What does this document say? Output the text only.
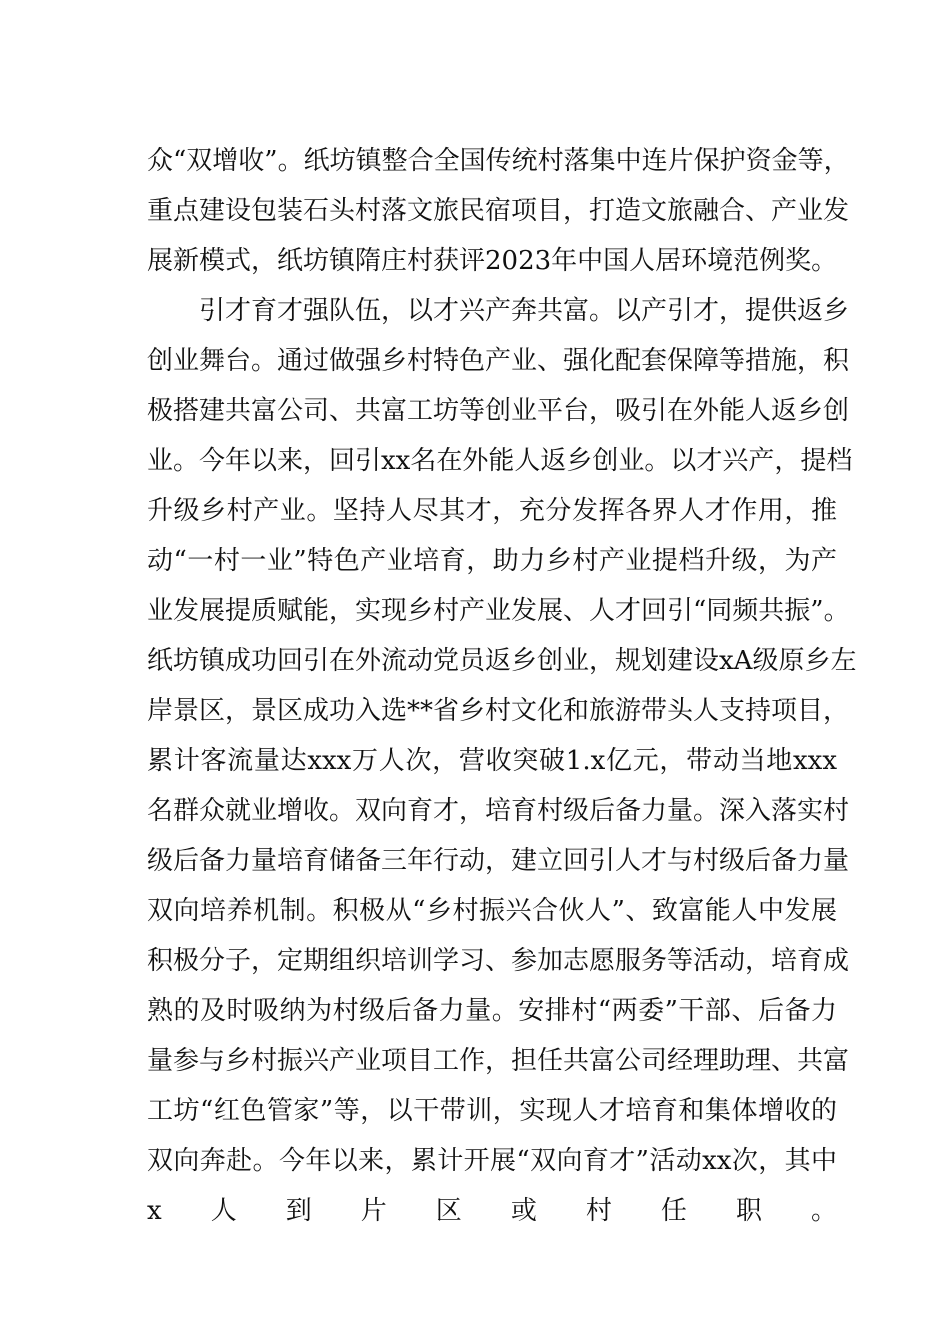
众“双增收”。纸坊镇整合全国传统村落集中连片保护资金等，
重点建设包装石头村落文旅民宿项目，打造文旅融合、产业发
展新模式，纸坊镇隋庄村获评2023年中国人居环境范例奖。
引才育才强队伍，以才兴产奔共富。以产引才，提供返乡
创业舞台。通过做强乡村特色产业、强化配套保障等措施，积
极搭建共富公司、共富工坊等创业平台，吸引在外能人返乡创
业。今年以来，回引xx名在外能人返乡创业。以才兴产，提档
升级乡村产业。坚持人尽其才，充分发挥各界人才作用，推
动“一村一业”特色产业培育，助力乡村产业提档升级，为产
业发展提质赋能，实现乡村产业发展、人才回引“同频共振”。
纸坊镇成功回引在外流动党员返乡创业，规划建设xA级原乡左
岸景区，景区成功入选**省乡村文化和旅游带头人支持项目，
累计客流量达xxx万人次，营收突破1.x亿元，带动当地xxx
名群众就业增收。双向育才，培育村级后备力量。深入落实村
级后备力量培育储备三年行动，建立回引人才与村级后备力量
双向培养机制。积极从“乡村振兴合伙人”、致富能人中发展
积极分子，定期组织培训学习、参加志愿服务等活动，培育成
熟的及时吸纳为村级后备力量。安排村“两委”干部、后备力
量参与乡村振兴产业项目工作，担任共富公司经理助理、共富
工坊“红色管家”等，以干带训，实现人才培育和集体增收的
双向奔赴。今年以来，累计开展“双向育才”活动xx次，其中
x人到片区或村任职。
